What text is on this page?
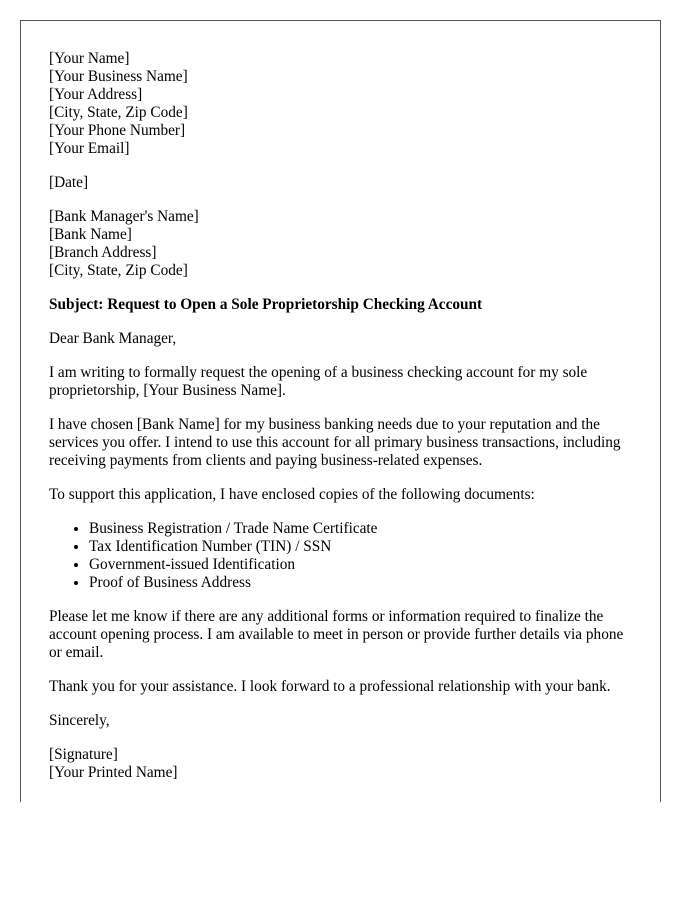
[Your Name]
[Your Business Name]
[Your Address]
[City, State, Zip Code]
[Your Phone Number]
[Your Email]
[Date]
[Bank Manager's Name]
[Bank Name]
[Branch Address]
[City, State, Zip Code]
Subject: Request to Open a Sole Proprietorship Checking Account
Dear Bank Manager,

I am writing to formally request the opening of a business checking account for my sole proprietorship, [Your Business Name].

I have chosen [Bank Name] for my business banking needs due to your reputation and the services you offer. I intend to use this account for all primary business transactions, including receiving payments from clients and paying business-related expenses.

To support this application, I have enclosed copies of the following documents:

• Business Registration / Trade Name Certificate
• Tax Identification Number (TIN) / SSN
• Government-issued Identification
• Proof of Business Address

Please let me know if there are any additional forms or information required to finalize the account opening process. I am available to meet in person or provide further details via phone or email.

Thank you for your assistance. I look forward to a professional relationship with your bank.

Sincerely,
[Signature]
[Your Printed Name]
